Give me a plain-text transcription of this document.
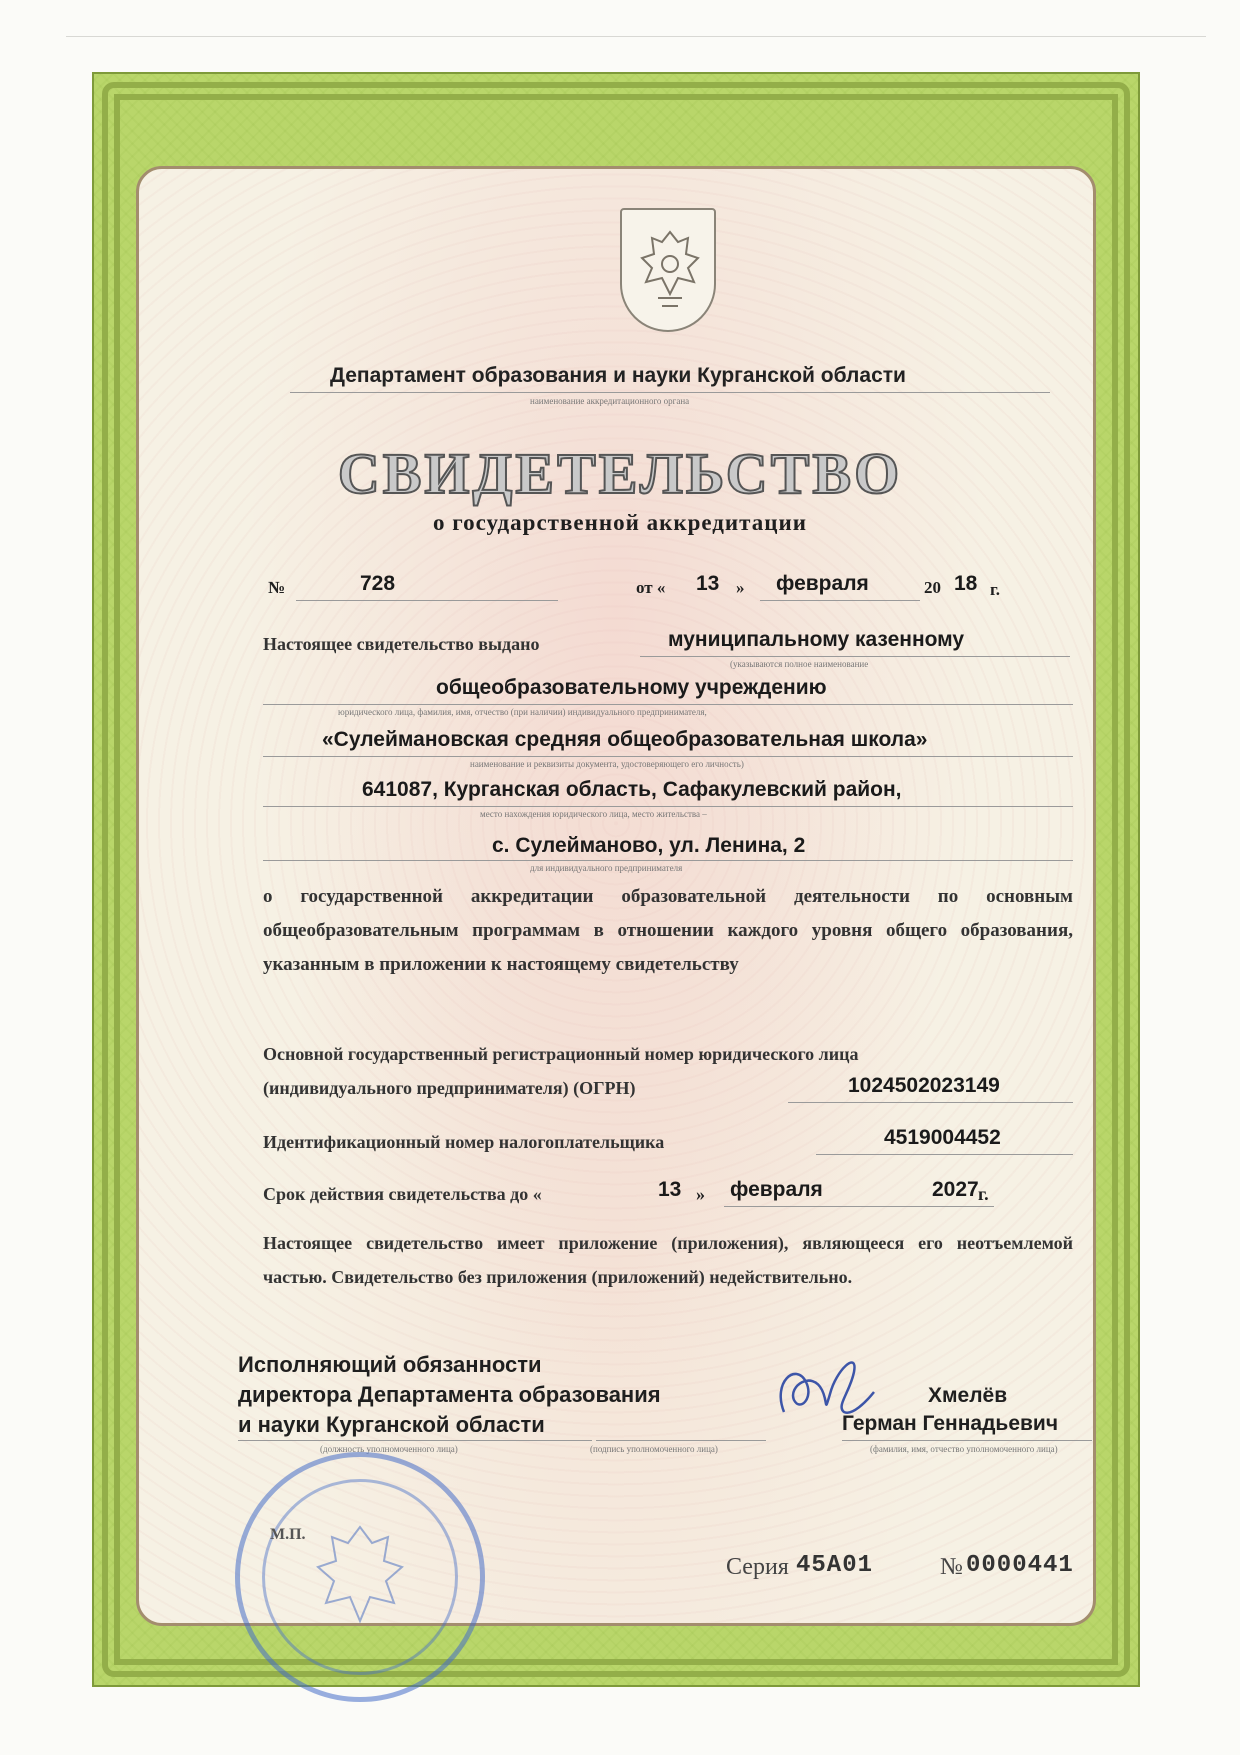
Департамент образования и науки Курганской области
наименование аккредитационного органа
СВИДЕТЕЛЬСТВО
о государственной аккредитации
№	728	от « 13 » февраля	20 18 г.
Настоящее свидетельство выдано	муниципальному казенному
(указываются полное наименование
общеобразовательному учреждению
юридического лица, фамилия, имя, отчество (при наличии) индивидуального предпринимателя,
«Сулеймановская средняя общеобразовательная школа»
наименование и реквизиты документа, удостоверяющего его личность)
641087, Курганская область, Сафакулевский район,
место нахождения юридического лица, место жительства –
с. Сулейманово, ул. Ленина, 2
для индивидуального предпринимателя
о государственной аккредитации образовательной деятельности по основным общеобразовательным программам в отношении каждого уровня общего образования, указанным в приложении к настоящему свидетельству
Основной государственный регистрационный номер юридического лица
(индивидуального предпринимателя) (ОГРН)	1024502023149
Идентификационный номер налогоплательщика	4519004452
Срок действия свидетельства до «	13 » февраля	2027 г.
Настоящее свидетельство имеет приложение (приложения), являющееся его неотъемлемой частью. Свидетельство без приложения (приложений) недействительно.
Исполняющий обязанности
директора Департамента образования
и науки Курганской области
(должность уполномоченного лица)	(подпись уполномоченного лица)
Хмелёв
Герман Геннадьевич
(фамилия, имя, отчество уполномоченного лица)
М.П.
Серия 45А01	№ 0000441
